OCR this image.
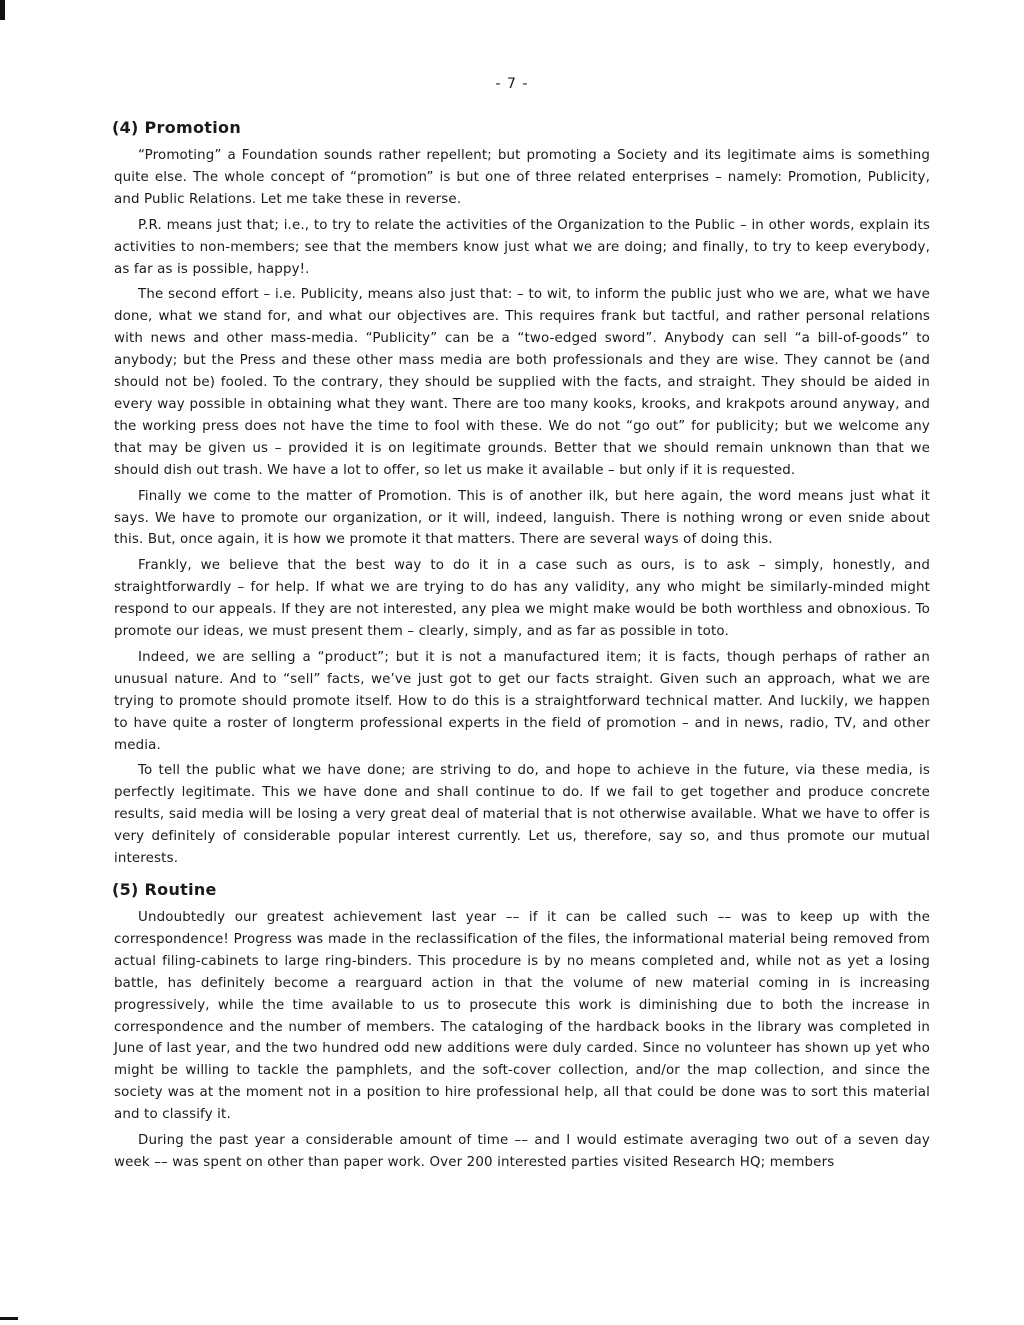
- 7 -
(4) Promotion

“Promoting” a Foundation sounds rather repellent; but promoting a Society and its legitimate aims is something quite else. The whole concept of “promotion” is but one of three related enterprises – namely: Promotion, Publicity, and Public Relations. Let me take these in reverse.

P.R. means just that; i.e., to try to relate the activities of the Organization to the Public – in other words, explain its activities to non-members; see that the members know just what we are doing; and finally, to try to keep everybody, as far as is possible, happy!.

The second effort – i.e. Publicity, means also just that: – to wit, to inform the public just who we are, what we have done, what we stand for, and what our objectives are. This requires frank but tactful, and rather personal relations with news and other mass-media. “Publicity” can be a “two-edged sword”. Anybody can sell “a bill-of-goods” to anybody; but the Press and these other mass media are both professionals and they are wise. They cannot be (and should not be) fooled. To the contrary, they should be supplied with the facts, and straight. They should be aided in every way possible in obtaining what they want. There are too many kooks, krooks, and krakpots around anyway, and the working press does not have the time to fool with these. We do not “go out” for publicity; but we welcome any that may be given us – provided it is on legitimate grounds. Better that we should remain unknown than that we should dish out trash. We have a lot to offer, so let us make it available – but only if it is requested.

Finally we come to the matter of Promotion. This is of another ilk, but here again, the word means just what it says. We have to promote our organization, or it will, indeed, languish. There is nothing wrong or even snide about this. But, once again, it is how we promote it that matters. There are several ways of doing this.

Frankly, we believe that the best way to do it in a case such as ours, is to ask – simply, honestly, and straightforwardly – for help. If what we are trying to do has any validity, any who might be similarly-minded might respond to our appeals. If they are not interested, any plea we might make would be both worthless and obnoxious. To promote our ideas, we must present them – clearly, simply, and as far as possible in toto.

Indeed, we are selling a “product”; but it is not a manufactured item; it is facts, though perhaps of rather an unusual nature. And to “sell” facts, we’ve just got to get our facts straight. Given such an approach, what we are trying to promote should promote itself. How to do this is a straightforward technical matter. And luckily, we happen to have quite a roster of longterm professional experts in the field of promotion – and in news, radio, TV, and other media.

To tell the public what we have done; are striving to do, and hope to achieve in the future, via these media, is perfectly legitimate. This we have done and shall continue to do. If we fail to get together and produce concrete results, said media will be losing a very great deal of material that is not otherwise available. What we have to offer is very definitely of considerable popular interest currently. Let us, therefore, say so, and thus promote our mutual interests.

(5) Routine

Undoubtedly our greatest achievement last year –– if it can be called such –– was to keep up with the correspondence! Progress was made in the reclassification of the files, the informational material being removed from actual filing-cabinets to large ring-binders. This procedure is by no means completed and, while not as yet a losing battle, has definitely become a rearguard action in that the volume of new material coming in is increasing progressively, while the time available to us to prosecute this work is diminishing due to both the increase in correspondence and the number of members. The cataloging of the hardback books in the library was completed in June of last year, and the two hundred odd new additions were duly carded. Since no volunteer has shown up yet who might be willing to tackle the pamphlets, and the soft-cover collection, and/or the map collection, and since the society was at the moment not in a position to hire professional help, all that could be done was to sort this material and to classify it.

During the past year a considerable amount of time –– and I would estimate averaging two out of a seven day week –– was spent on other than paper work. Over 200 interested parties visited Research HQ; members
